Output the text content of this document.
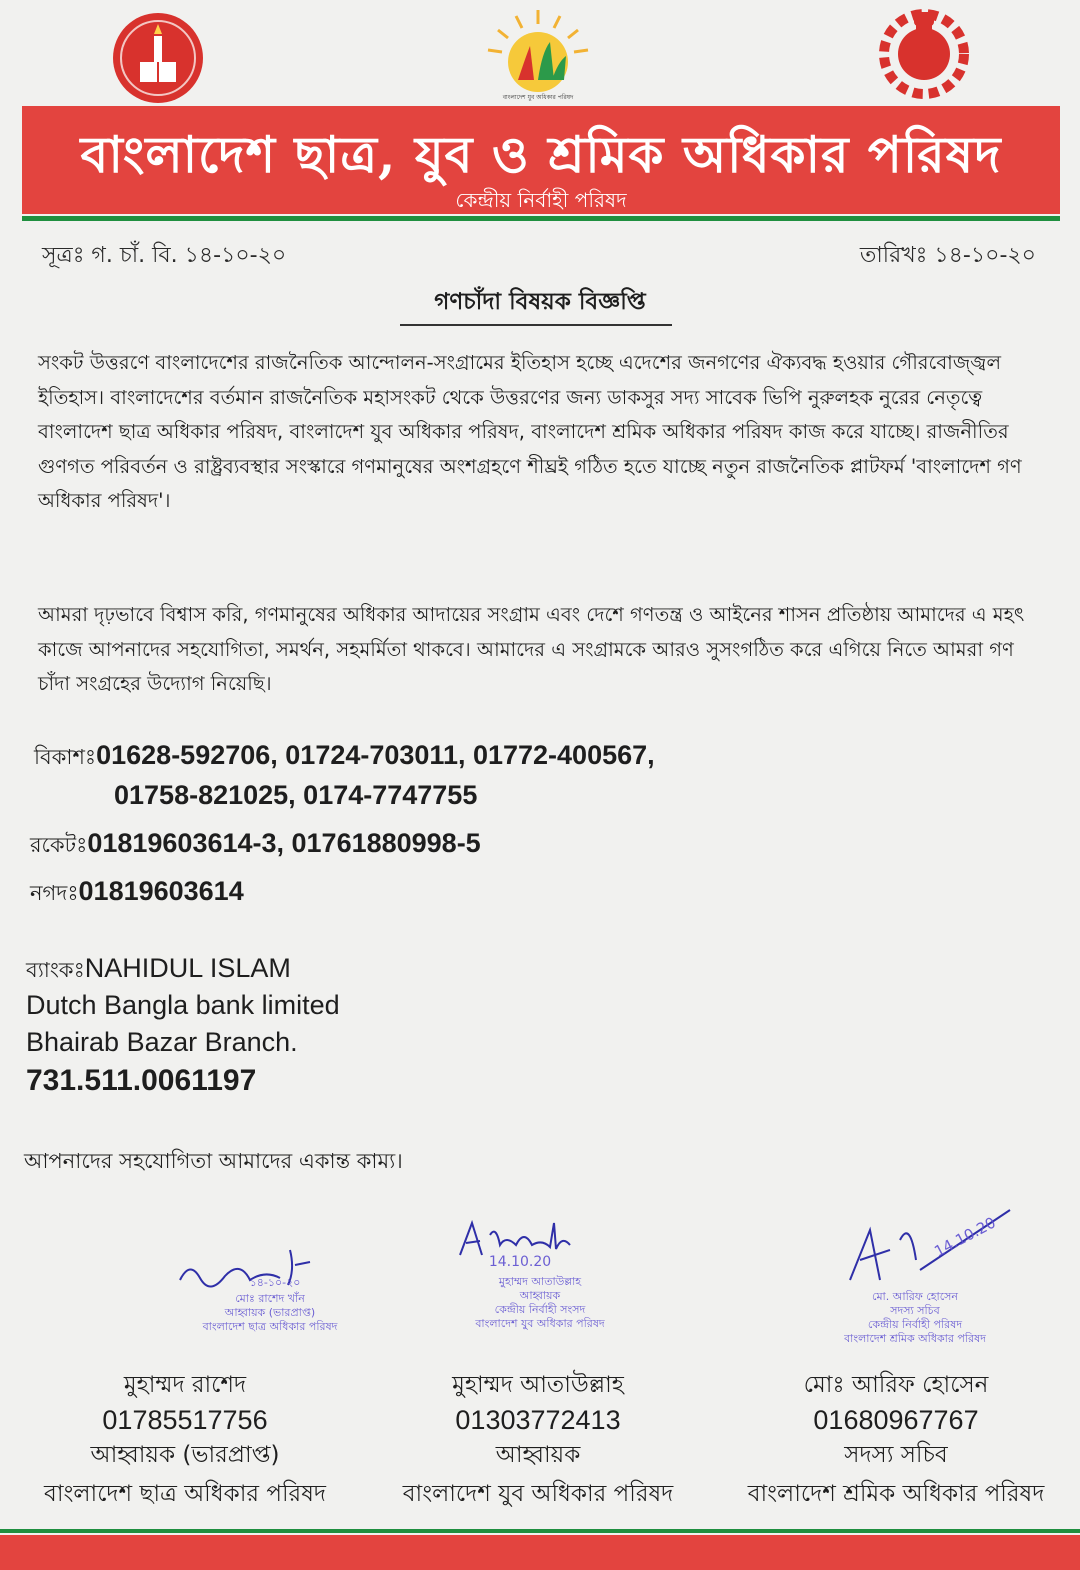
বাংলাদেশ যুব অধিকার পরিষদ
বাংলাদেশ ছাত্র, যুব ও শ্রমিক অধিকার পরিষদ
কেন্দ্রীয় নির্বাহী পরিষদ
সূত্রঃ গ. চাঁ. বি. ১৪-১০-২০	তারিখঃ ১৪-১০-২০
গণচাঁদা বিষয়ক বিজ্ঞপ্তি
সংকট উত্তরণে বাংলাদেশের রাজনৈতিক আন্দোলন-সংগ্রামের ইতিহাস হচ্ছে এদেশের জনগণের ঐক্যবদ্ধ হওয়ার গৌরবোজ্জ্বল ইতিহাস। বাংলাদেশের বর্তমান রাজনৈতিক মহাসংকট থেকে উত্তরণের জন্য ডাকসুর সদ্য সাবেক ভিপি নুরুলহক নুরের নেতৃত্বে বাংলাদেশ ছাত্র অধিকার পরিষদ, বাংলাদেশ যুব অধিকার পরিষদ, বাংলাদেশ শ্রমিক অধিকার পরিষদ কাজ করে যাচ্ছে। রাজনীতির গুণগত পরিবর্তন ও রাষ্ট্রব্যবস্থার সংস্কারে গণমানুষের অংশগ্রহণে শীঘ্রই গঠিত হতে যাচ্ছে নতুন রাজনৈতিক প্লাটফর্ম 'বাংলাদেশ গণ অধিকার পরিষদ'।
আমরা দৃঢ়ভাবে বিশ্বাস করি, গণমানুষের অধিকার আদায়ের সংগ্রাম এবং দেশে গণতন্ত্র ও আইনের শাসন প্রতিষ্ঠায় আমাদের এ মহৎ কাজে আপনাদের সহযোগিতা, সমর্থন, সহমর্মিতা থাকবে। আমাদের এ সংগ্রামকে আরও সুসংগঠিত করে এগিয়ে নিতে আমরা গণ চাঁদা সংগ্রহের উদ্যোগ নিয়েছি।
বিকাশঃ01628-592706, 01724-703011, 01772-400567,
01758-821025, 0174-7747755
রকেটঃ01819603614-3, 01761880998-5
নগদঃ01819603614
ব্যাংকঃNAHIDUL ISLAM
Dutch Bangla bank limited
Bhairab Bazar Branch.
731.511.0061197
আপনাদের সহযোগিতা আমাদের একান্ত কাম্য।
১৪-১০-২০
মোঃ রাশেদ খাঁন
আহ্বায়ক (ভারপ্রাপ্ত)
বাংলাদেশ ছাত্র অধিকার পরিষদ
14.10.20
মুহাম্মদ আতাউল্লাহ
আহ্বায়ক
কেন্দ্রীয় নির্বাহী সংসদ
বাংলাদেশ যুব অধিকার পরিষদ
14.10.20
মো. আরিফ হোসেন
সদস্য সচিব
কেন্দ্রীয় নির্বাহী পরিষদ
বাংলাদেশ শ্রমিক অধিকার পরিষদ
মুহাম্মদ রাশেদ
01785517756
আহ্বায়ক (ভারপ্রাপ্ত)
বাংলাদেশ ছাত্র অধিকার পরিষদ
মুহাম্মদ আতাউল্লাহ
01303772413
আহ্বায়ক
বাংলাদেশ যুব অধিকার পরিষদ
মোঃ আরিফ হোসেন
01680967767
সদস্য সচিব
বাংলাদেশ শ্রমিক অধিকার পরিষদ
